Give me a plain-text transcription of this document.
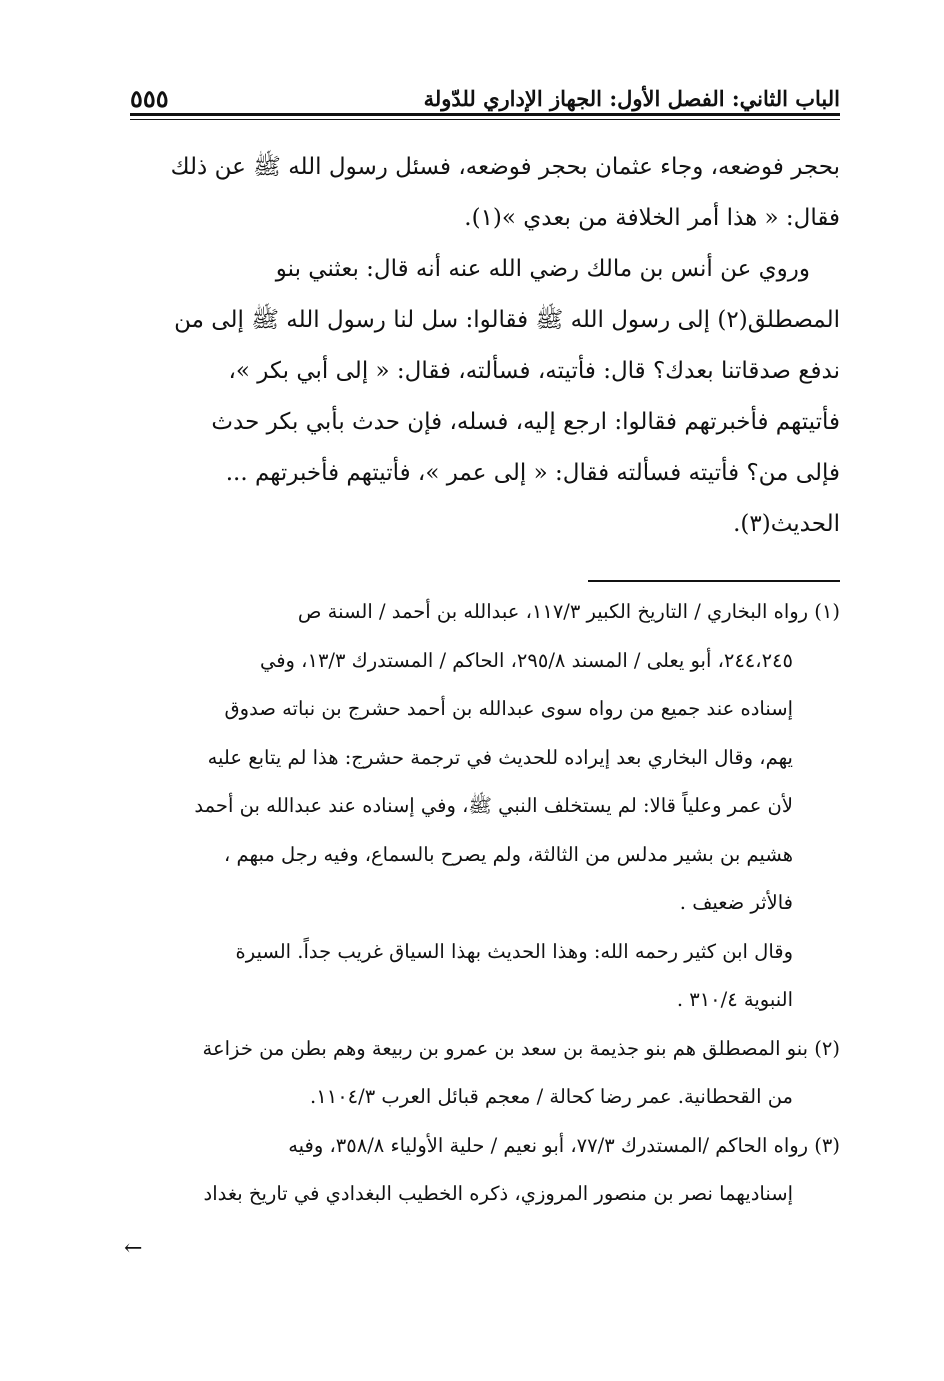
الباب الثاني: الفصل الأول: الجهاز الإداري للدّولة
٥٥٥

بحجر فوضعه، وجاء عثمان بحجر فوضعه، فسئل رسول الله ﷺ عن ذلك

فقال: « هذا أمر الخلافة من بعدي »(١).

وروي عن أنس بن مالك رضي الله عنه أنه قال: بعثني بنو

المصطلق(٢) إلى رسول الله ﷺ فقالوا: سل لنا رسول الله ﷺ إلى من

ندفع صدقاتنا بعدك؟ قال: فأتيته، فسألته، فقال: « إلى أبي بكر »،

فأتيتهم فأخبرتهم فقالوا: ارجع إليه، فسله، فإن حدث بأبي بكر حدث

فإلى من؟ فأتيته فسألته فقال: « إلى عمر »، فأتيتهم فأخبرتهم ...

الحديث(٣).

(١) رواه البخاري / التاريخ الكبير ١١٧/٣، عبدالله بن أحمد / السنة ص
٢٤٤،٢٤٥، أبو يعلى / المسند ٢٩٥/٨، الحاكم / المستدرك ١٣/٣، وفي
إسناده عند جميع من رواه سوى عبدالله بن أحمد حشرج بن نباته صدوق
يهم، وقال البخاري بعد إيراده للحديث في ترجمة حشرج: هذا لم يتابع عليه
لأن عمر وعلياً قالا: لم يستخلف النبي ﷺ، وفي إسناده عند عبدالله بن أحمد
هشيم بن بشير مدلس من الثالثة، ولم يصرح بالسماع، وفيه رجل مبهم ،
فالأثر ضعيف .
وقال ابن كثير رحمه الله: وهذا الحديث بهذا السياق غريب جداً. السيرة
النبوية ٣١٠/٤ .
(٢) بنو المصطلق هم بنو جذيمة بن سعد بن عمرو بن ربيعة وهم بطن من خزاعة
من القحطانية. عمر رضا كحالة / معجم قبائل العرب ١١٠٤/٣.
(٣) رواه الحاكم /المستدرك ٧٧/٣، أبو نعيم / حلية الأولياء ٣٥٨/٨، وفيه
إسناديهما نصر بن منصور المروزي، ذكره الخطيب البغدادي في تاريخ بغداد
←
